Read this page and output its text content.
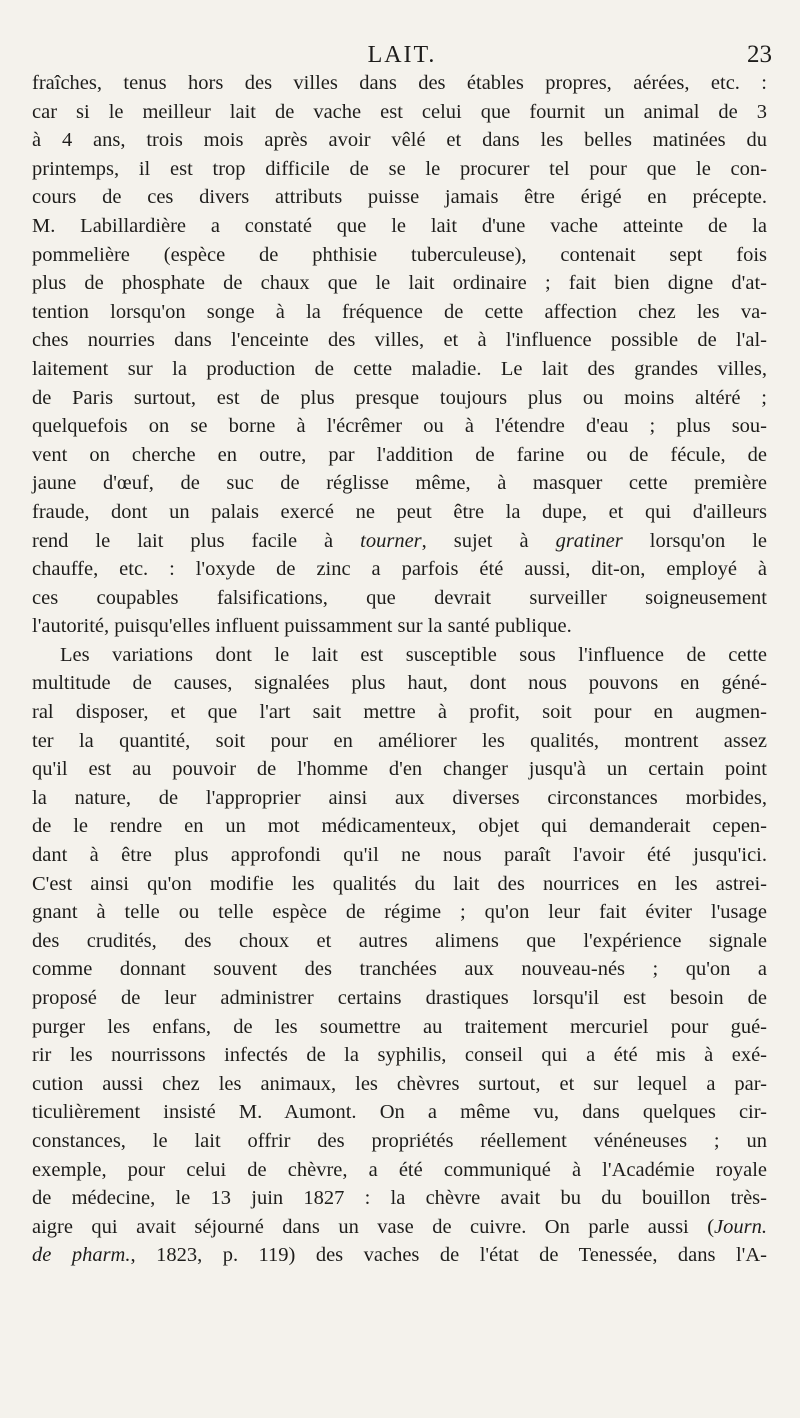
LAIT.	23
fraîches, tenus hors des villes dans des étables propres, aérées, etc. :
car si le meilleur lait de vache est celui que fournit un animal de 3
à 4 ans, trois mois après avoir vêlé et dans les belles matinées du
printemps, il est trop difficile de se le procurer tel pour que le con-
cours de ces divers attributs puisse jamais être érigé en précepte.
M. Labillardière a constaté que le lait d'une vache atteinte de la
pommelière (espèce de phthisie tuberculeuse), contenait sept fois
plus de phosphate de chaux que le lait ordinaire ; fait bien digne d'at-
tention lorsqu'on songe à la fréquence de cette affection chez les va-
ches nourries dans l'enceinte des villes, et à l'influence possible de l'al-
laitement sur la production de cette maladie. Le lait des grandes villes,
de Paris surtout, est de plus presque toujours plus ou moins altéré ;
quelquefois on se borne à l'écrêmer ou à l'étendre d'eau ; plus sou-
vent on cherche en outre, par l'addition de farine ou de fécule, de
jaune d'œuf, de suc de réglisse même, à masquer cette première
fraude, dont un palais exercé ne peut être la dupe, et qui d'ailleurs
rend le lait plus facile à tourner, sujet à gratiner lorsqu'on le
chauffe, etc. : l'oxyde de zinc a parfois été aussi, dit-on, employé à
ces coupables falsifications, que devrait surveiller soigneusement
l'autorité, puisqu'elles influent puissamment sur la santé publique.
Les variations dont le lait est susceptible sous l'influence de cette
multitude de causes, signalées plus haut, dont nous pouvons en géné-
ral disposer, et que l'art sait mettre à profit, soit pour en augmen-
ter la quantité, soit pour en améliorer les qualités, montrent assez
qu'il est au pouvoir de l'homme d'en changer jusqu'à un certain point
la nature, de l'approprier ainsi aux diverses circonstances morbides,
de le rendre en un mot médicamenteux, objet qui demanderait cepen-
dant à être plus approfondi qu'il ne nous paraît l'avoir été jusqu'ici.
C'est ainsi qu'on modifie les qualités du lait des nourrices en les astrei-
gnant à telle ou telle espèce de régime ; qu'on leur fait éviter l'usage
des crudités, des choux et autres alimens que l'expérience signale
comme donnant souvent des tranchées aux nouveau-nés ; qu'on a
proposé de leur administrer certains drastiques lorsqu'il est besoin de
purger les enfans, de les soumettre au traitement mercuriel pour gué-
rir les nourrissons infectés de la syphilis, conseil qui a été mis à exé-
cution aussi chez les animaux, les chèvres surtout, et sur lequel a par-
ticulièrement insisté M. Aumont. On a même vu, dans quelques cir-
constances, le lait offrir des propriétés réellement vénéneuses ; un
exemple, pour celui de chèvre, a été communiqué à l'Académie royale
de médecine, le 13 juin 1827 : la chèvre avait bu du bouillon très-
aigre qui avait séjourné dans un vase de cuivre. On parle aussi (Journ.
de pharm., 1823, p. 119) des vaches de l'état de Tenessée, dans l'A-
